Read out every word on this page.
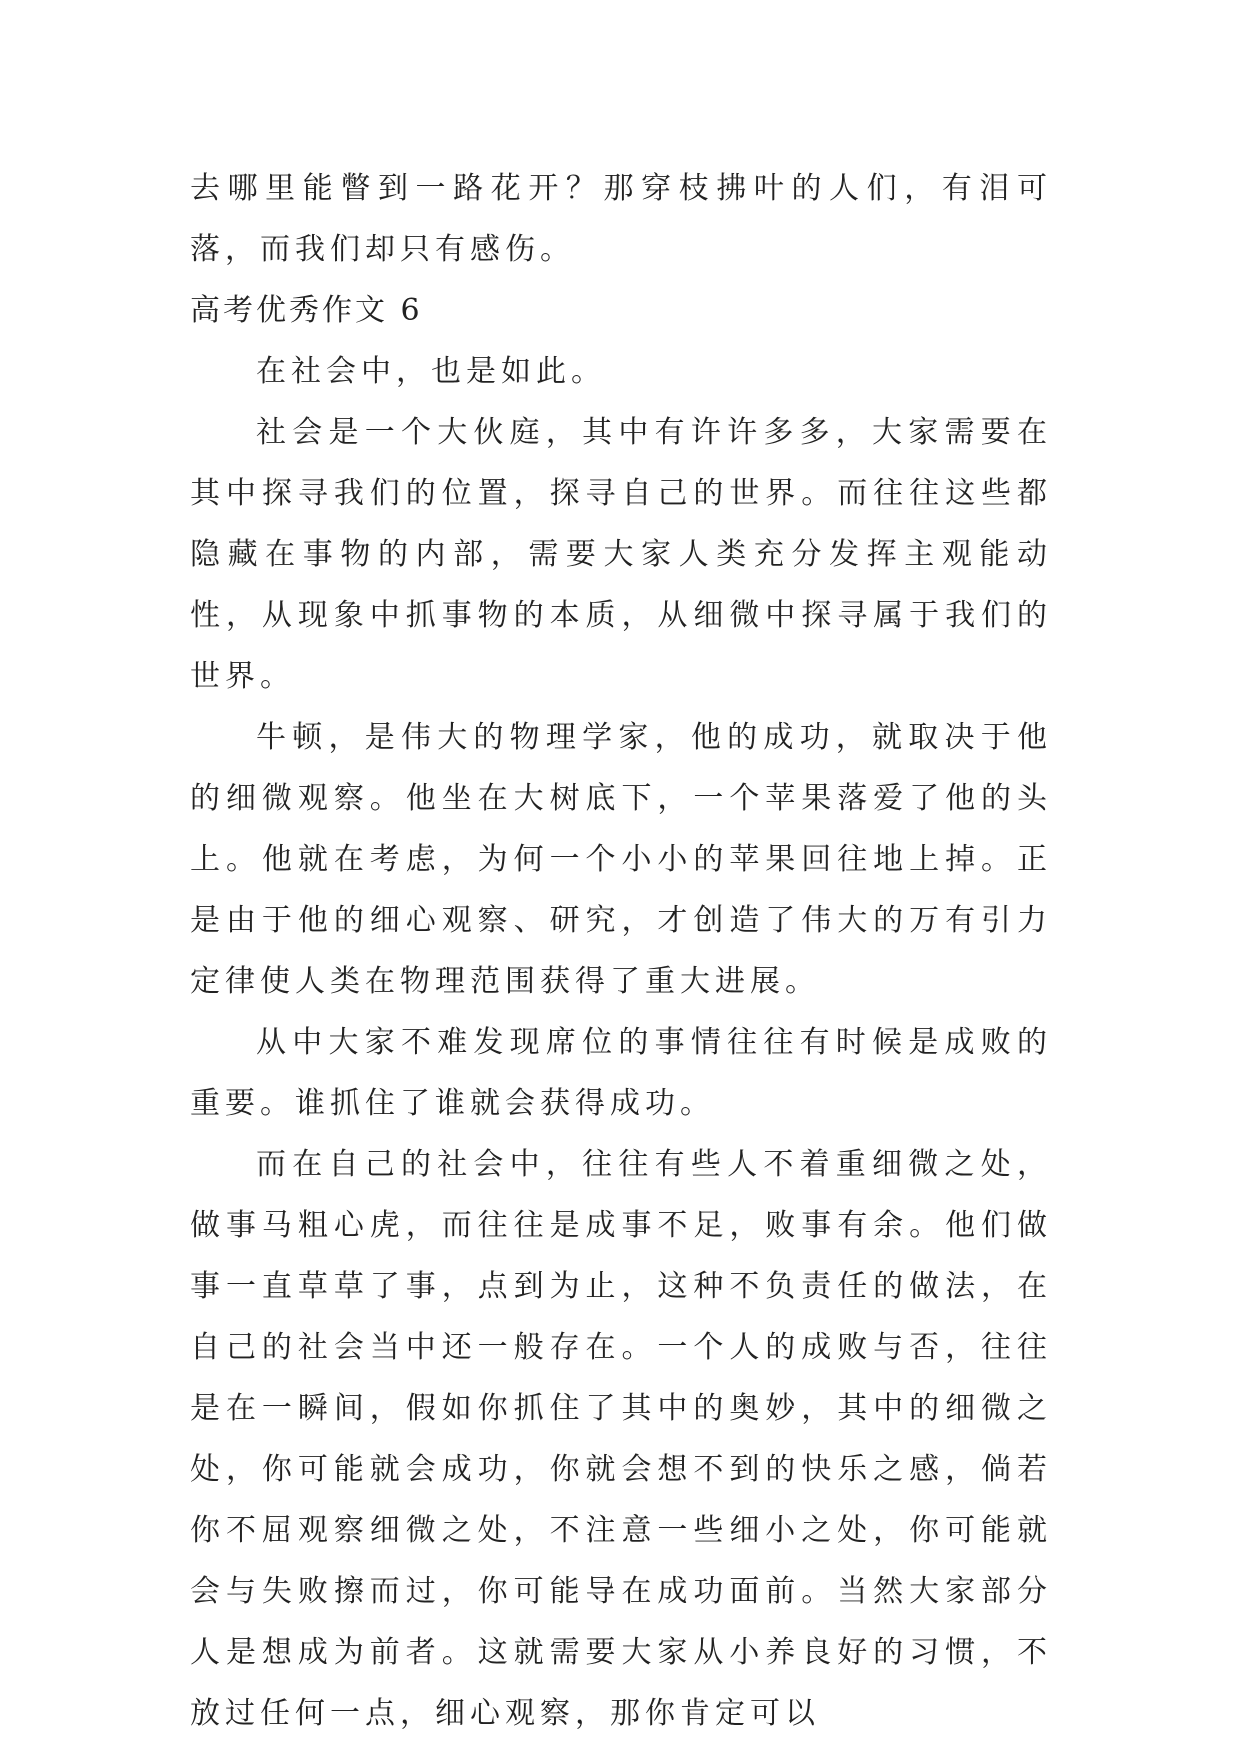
去哪里能瞥到一路花开？那穿枝拂叶的人们，有泪可落，而我们却只有感伤。

高考优秀作文 6

在社会中，也是如此。

社会是一个大伙庭，其中有许许多多，大家需要在其中探寻我们的位置，探寻自己的世界。而往往这些都隐藏在事物的内部，需要大家人类充分发挥主观能动性，从现象中抓事物的本质，从细微中探寻属于我们的世界。

牛顿，是伟大的物理学家，他的成功，就取决于他的细微观察。他坐在大树底下，一个苹果落爱了他的头上。他就在考虑，为何一个小小的苹果回往地上掉。正是由于他的细心观察、研究，才创造了伟大的万有引力定律使人类在物理范围获得了重大进展。

从中大家不难发现席位的事情往往有时候是成败的重要。谁抓住了谁就会获得成功。

而在自己的社会中，往往有些人不着重细微之处，做事马粗心虎，而往往是成事不足，败事有余。他们做事一直草草了事，点到为止，这种不负责任的做法，在自己的社会当中还一般存在。一个人的成败与否，往往是在一瞬间，假如你抓住了其中的奥妙，其中的细微之处，你可能就会成功，你就会想不到的快乐之感，倘若你不屈观察细微之处，不注意一些细小之处，你可能就会与失败擦而过，你可能导在成功面前。当然大家部分人是想成为前者。这就需要大家从小养良好的习惯，不放过任何一点，细心观察，那你肯定可以
